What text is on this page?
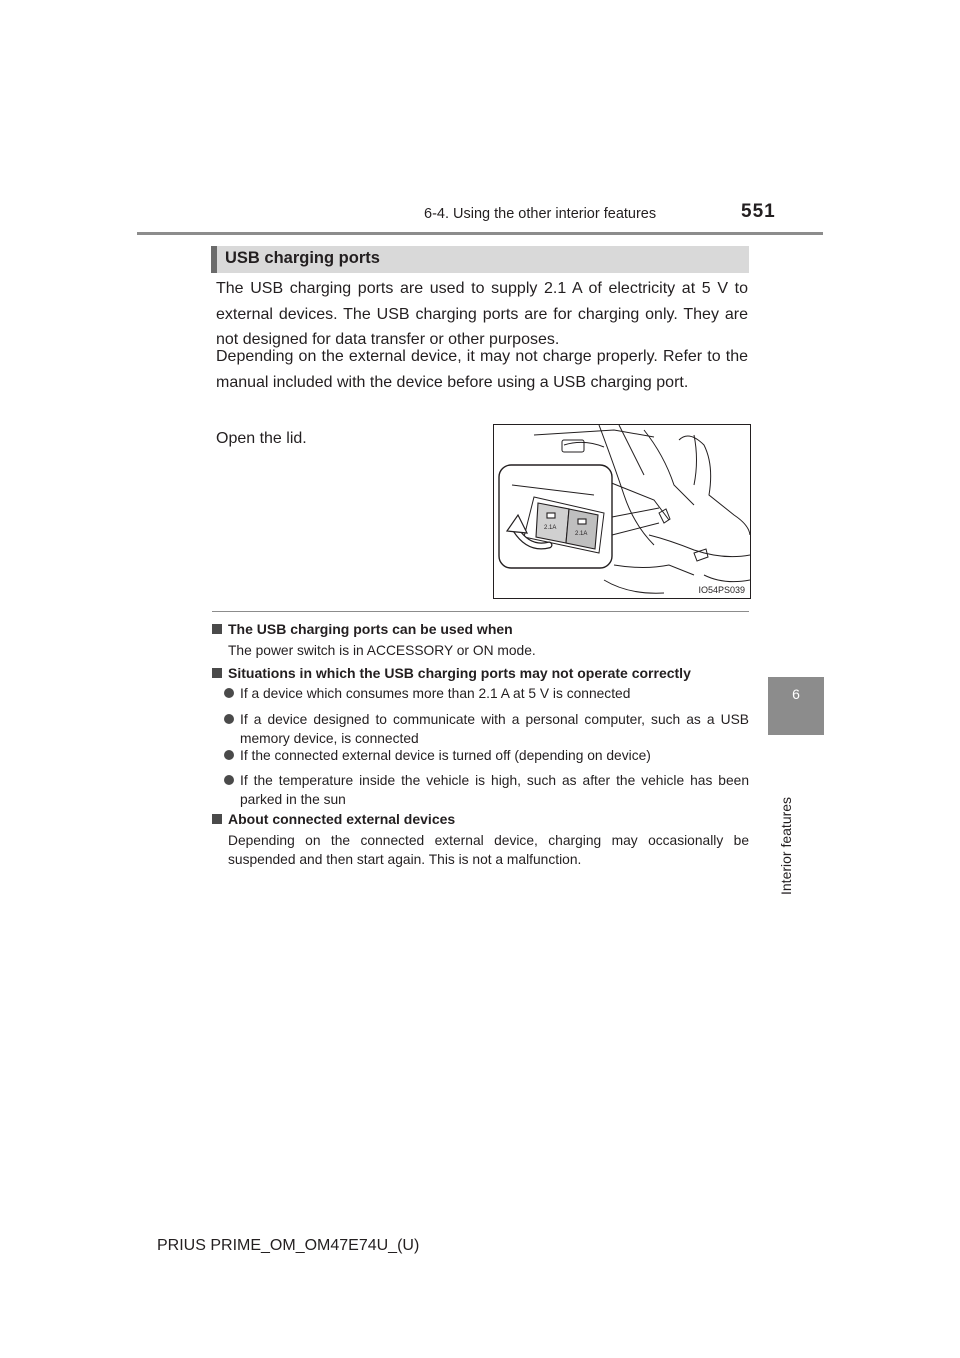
6-4. Using the other interior features	551
6
Interior features
USB charging ports

The USB charging ports are used to supply 2.1 A of electricity at 5 V to external devices. The USB charging ports are for charging only. They are not designed for data transfer or other purposes.

Depending on the external device, it may not charge properly. Refer to the manual included with the device before using a USB charging port.

Open the lid.

2.1A
2.1A
IO54PS039
The USB charging ports can be used when

The power switch is in ACCESSORY or ON mode.

Situations in which the USB charging ports may not operate correctly
If a device which consumes more than 2.1 A at 5 V is connected
If a device designed to communicate with a personal computer, such as a USB memory device, is connected
If the connected external device is turned off (depending on device)
If the temperature inside the vehicle is high, such as after the vehicle has been parked in the sun
About connected external devices

Depending on the connected external device, charging may occasionally be suspended and then start again. This is not a malfunction.

PRIUS PRIME_OM_OM47E74U_(U)
